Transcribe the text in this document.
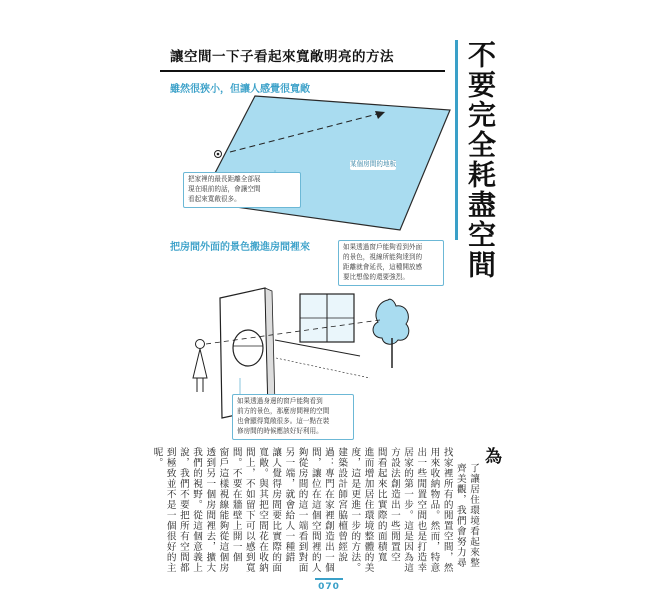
讓空間一下子看起來寬敞明亮的方法	不要完全耗盡空間
雖然很狹小，但讓人感覺很寬敞
把家裡的最長距離全部展
現在眼前的話，會讓空間
看起來寬敞很多。
某個房間的地板
把房間外面的景色搬進房間裡來	如果透過窗戶能夠看到外面
的景色，視線所能夠達到的
距離就會延長，這種開放感
要比想像的還要強烈。
如果透過身邊的窗戶能夠看到
前方的景色，那麼房間裡的空間
也會顯得寬敞很多。這一點在裝
修房間的時候應該好好利用。
為
了讓居住環境看起來整
齊美觀，我們會努力尋
找家裡所有的閒置空間，然
用來收納物品。然而，特意
出一些閒置空間也是打造幸
居家的第一步。這是因為這
方設法創造出一些閒置空
間看起來比實際的面積寬
進而增加居住環境整體的美
度，這是更進一步的方法。
建築設計師宮脇檀曾經說
過：專門在家裡創造出一個
間，讓位在這個空間裡的人
夠從房間的這一端看到對面
另一端，就會給人一種錯
讓人覺得房間要比實際的面
寬敞。與其把空間花在收納
間上，不如留下可以感到寬
間。不要在牆壁上開一個
窗戶這樣視線能夠從這個房
透到另一個房間裡去，擴大
我們的視野。從這個意義上
說，我們不要把所有空間都
到極致並不是一個很好的主
呢。
070
